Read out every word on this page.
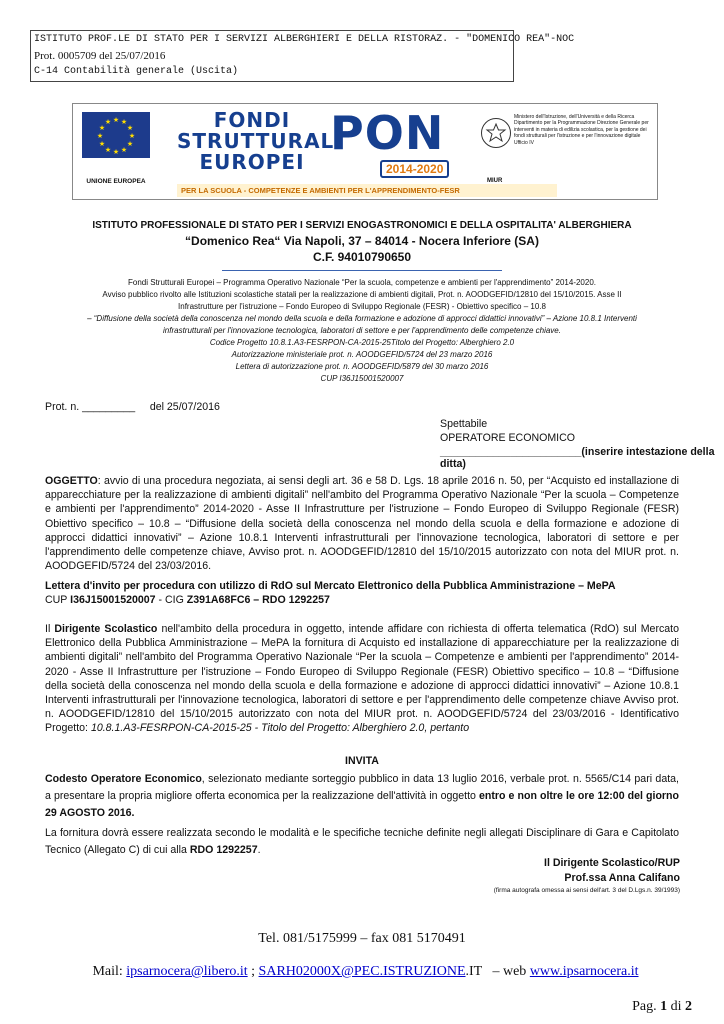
ISTITUTO PROF.LE DI STATO PER I SERVIZI ALBERGHIERI E DELLA RISTORAZ. - "DOMENICO REA"-NOC
Prot. 0005709 del 25/07/2016
C-14 Contabilità generale (Uscita)
★ ★
★
★
★
★
★
★
★
★
★
★
UNIONE EUROPEA
FONDI
STRUTTURALI
EUROPEI
PON
2014-2020
PER LA SCUOLA - COMPETENZE E AMBIENTI PER L'APPRENDIMENTO-FESR
Ministero dell'Istruzione, dell'Università e della Ricerca Dipartimento per la Programmazione Direzione Generale per interventi in materia di edilizia scolastica, per la gestione dei fondi strutturali per l'istruzione e per l'innovazione digitale Ufficio IV
MIUR
ISTITUTO PROFESSIONALE DI STATO PER I SERVIZI ENOGASTRONOMICI E DELLA OSPITALITA' ALBERGHIERA
“Domenico Rea“ Via Napoli, 37 – 84014 - Nocera Inferiore (SA)
C.F. 94010790650
Fondi Strutturali Europei – Programma Operativo Nazionale “Per la scuola, competenze e ambienti per l'apprendimento” 2014-2020.
Avviso pubblico rivolto alle Istituzioni scolastiche statali per la realizzazione di ambienti digitali, Prot. n. AOODGEFID/12810 del 15/10/2015. Asse II
Infrastrutture per l'istruzione – Fondo Europeo di Sviluppo Regionale (FESR) - Obiettivo specifico – 10.8
– “Diffusione della società della conoscenza nel mondo della scuola e della formazione e adozione di approcci didattici innovativi” – Azione 10.8.1 Interventi
infrastrutturali per l'innovazione tecnologica, laboratori di settore e per l'apprendimento delle competenze chiave.
Codice Progetto 10.8.1.A3-FESRPON-CA-2015-25Titolo del Progetto: Alberghiero 2.0
Autorizzazione ministeriale prot. n. AOODGEFID/5724 del 23 marzo 2016
Lettera di autorizzazione prot. n. AOODGEFID/5879 del 30 marzo 2016
CUP I36J15001520007
Prot. n. _________     del 25/07/2016
Spettabile
OPERATORE ECONOMICO
________________________(inserire intestazione della ditta)
OGGETTO: avvio di una procedura negoziata, ai sensi degli art. 36 e 58 D. Lgs. 18 aprile 2016 n. 50, per “Acquisto ed installazione di apparecchiature per la realizzazione di ambienti digitali” nell'ambito del Programma Operativo Nazionale “Per la scuola – Competenze e ambienti per l'apprendimento” 2014-2020 - Asse II Infrastrutture per l'istruzione – Fondo Europeo di Sviluppo Regionale (FESR) Obiettivo specifico – 10.8 – “Diffusione della società della conoscenza nel mondo della scuola e della formazione e adozione di approcci didattici innovativi” – Azione 10.8.1 Interventi infrastrutturali per l'innovazione tecnologica, laboratori di settore e per l'apprendimento delle competenze chiave, Avviso prot. n. AOODGEFID/12810 del 15/10/2015 autorizzato con nota del MIUR prot. n. AOODGEFID/5724 del 23/03/2016.
Lettera d'invito per procedura con utilizzo di RdO sul Mercato Elettronico della Pubblica Amministrazione – MePA
CUP I36J15001520007 - CIG Z391A68FC6 – RDO 1292257
Il Dirigente Scolastico nell'ambito della procedura in oggetto, intende affidare con richiesta di offerta telematica (RdO) sul Mercato Elettronico della Pubblica Amministrazione – MePA la fornitura di Acquisto ed installazione di apparecchiature per la realizzazione di ambienti digitali” nell'ambito del Programma Operativo Nazionale “Per la scuola – Competenze e ambienti per l'apprendimento” 2014-2020 - Asse II Infrastrutture per l'istruzione – Fondo Europeo di Sviluppo Regionale (FESR) Obiettivo specifico – 10.8 – “Diffusione della società della conoscenza nel mondo della scuola e della formazione e adozione di approcci didattici innovativi” – Azione 10.8.1 Interventi infrastrutturali per l'innovazione tecnologica, laboratori di settore e per l'apprendimento delle competenze chiave Avviso prot. n. AOODGEFID/12810 del 15/10/2015 autorizzato con nota del MIUR prot. n. AOODGEFID/5724 del 23/03/2016 - Identificativo Progetto: 10.8.1.A3-FESRPON-CA-2015-25 - Titolo del Progetto: Alberghiero 2.0, pertanto
INVITA
Codesto Operatore Economico, selezionato mediante sorteggio pubblico in data 13 luglio 2016, verbale prot. n. 5565/C14 pari data, a presentare la propria migliore offerta economica per la realizzazione dell'attività in oggetto entro e non oltre le ore 12:00 del giorno 29 AGOSTO 2016.
La fornitura dovrà essere realizzata secondo le modalità e le specifiche tecniche definite negli allegati Disciplinare di Gara e Capitolato Tecnico (Allegato C) di cui alla RDO 1292257.
Il Dirigente Scolastico/RUP
Prof.ssa Anna Califano
(firma autografa omessa ai sensi dell'art. 3 del D.Lgs.n. 39/1993)
Tel. 081/5175999 – fax 081 5170491

Mail: ipsarnocera@libero.it ; SARH02000X@PEC.ISTRUZIONE.IT   – web www.ipsarnocera.it

Pag. 1 di 2
